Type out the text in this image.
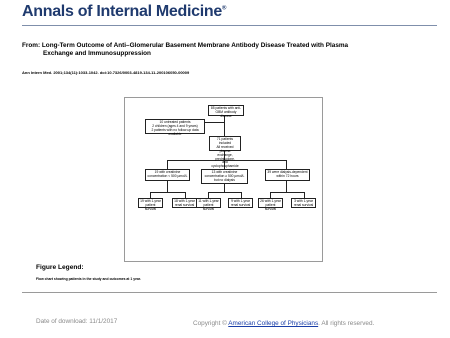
Annals of Internal Medicine®
From: Long-Term Outcome of Anti–Glomerular Basement Membrane Antibody Disease Treated with Plasma
Exchange and Immunosuppression
Ann Intern Med. 2001;134(11):1033-1042. doi:10.7326/0003-4819-134-11-200106050-00009
85 patients with anti-GBM antibody disease
10 untreated patients
2 children (ages 4 and 9 years)
2 patients with no follow-up data available
71 patients included
All received plasma
exchange, prednisolone,
and cyclophosphamide
19 with creatinine concentration < 500 µmol/L
13 with creatinine concentration ≥ 500 µmol/L but no dialysis
39 were dialysis-dependent within 72 hours
19 with 1-year patient survival
18 with 1-year renal survival
11 with 1-year patient survival
9 with 1-year renal survival
26 with 1-year patient survival
3 with 1-year renal survival
Figure Legend:
Flow chart showing patients in the study and outcomes at 1 year.
Date of download: 11/1/2017	Copyright © American College of Physicians. All rights reserved.
